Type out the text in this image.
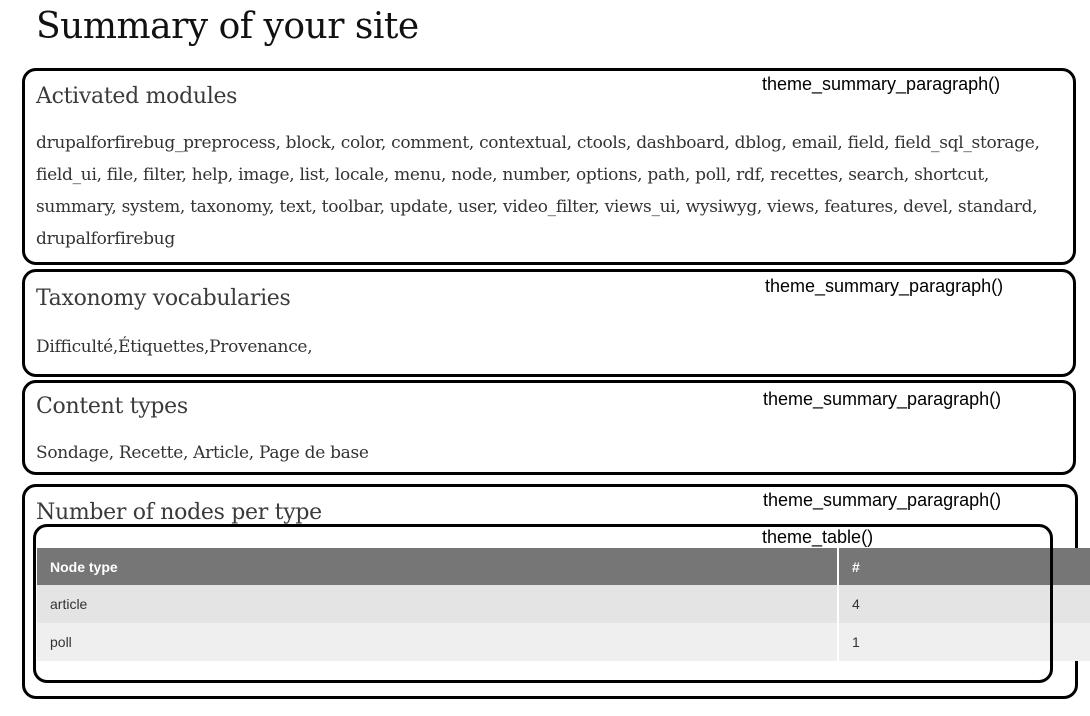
Summary of your site
theme_summary_paragraph()
Activated modules

drupalforfirebug_preprocess, block, color, comment, contextual, ctools, dashboard, dblog, email, field, field_sql_storage, field_ui, file, filter, help, image, list, locale, menu, node, number, options, path, poll, rdf, recettes, search, shortcut, summary, system, taxonomy, text, toolbar, update, user, video_filter, views_ui, wysiwyg, views, features, devel, standard, drupalforfirebug

theme_summary_paragraph()
Taxonomy vocabularies

Difficulté,Étiquettes,Provenance,

theme_summary_paragraph()
Content types

Sondage, Recette, Article, Page de base

theme_summary_paragraph()
Number of nodes per type
Node type	#
article	4
poll	1
theme_table()
